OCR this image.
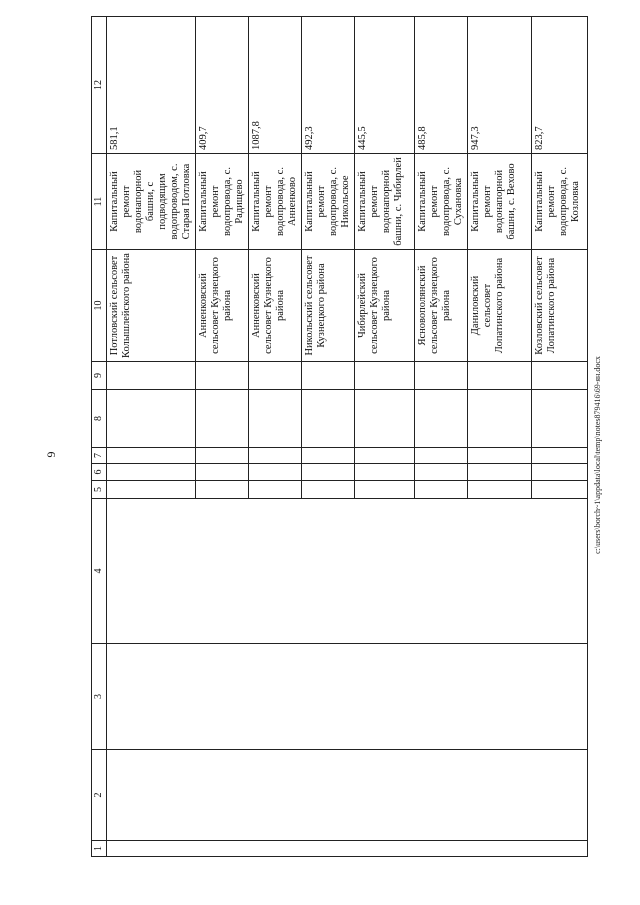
6
1	2	3	4	5	6	7	8	9	10	11	12
									Потловский сельсовет Колышлейского района	Капитальный ремонт водонапорной башни, с подводящим водопроводом, с. Старая Потловка	581,1
									Анненковский сельсовет Кузнецкого района	Капитальный ремонт водопровода, с. Радищево	409,7
									Анненковский сельсовет Кузнецкого района	Капитальный ремонт водопровода, с. Анненково	1087,8
									Никольский сельсовет Кузнецкого района	Капитальный ремонт водопровода, с. Никольское	492,3
									Чибирлейский сельсовет Кузнецкого района	Капитальный ремонт водонапорной башни, с. Чибирлей	445,5
									Ясновополянский сельсовет Кузнецкого района	Капитальный ремонт водопровода, с. Сухановка	485,8
									Даниловский сельсовет Лопатинского района	Капитальный ремонт водонапорной башни, с. Вехово	947,3
									Козловский сельсовет Лопатинского района	Капитальный ремонт водопровода, с. Козловка	823,7
c:\users\borch~1\appdata\local\temp\notes879416\69-ян.docx
